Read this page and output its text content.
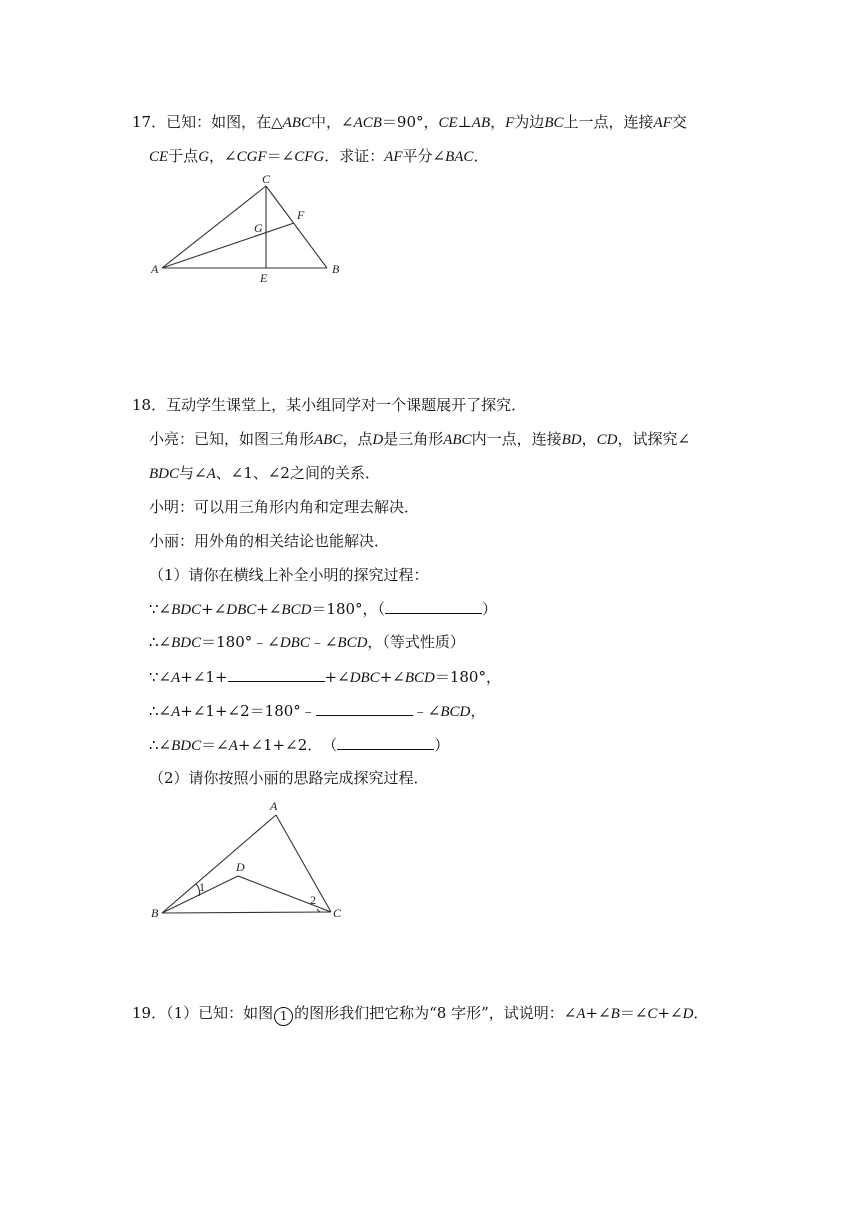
17．已知：如图，在△ABC中，∠ACB＝90°，CE⊥AB，F为边BC上一点，连接AF交
CE于点G，∠CGF＝∠CFG．求证：AF平分∠BAC．
C
G
F
A
E
B
18．互动学生课堂上，某小组同学对一个课题展开了探究．
小亮：已知，如图三角形ABC，点D是三角形ABC内一点，连接BD，CD，试探究∠
BDC与∠A、∠1、∠2之间的关系．
小明：可以用三角形内角和定理去解决．
小丽：用外角的相关结论也能解决．
（1）请你在横线上补全小明的探究过程：
∵∠BDC+∠DBC+∠BCD＝180°，（	）
∴∠BDC＝180°﹣∠DBC﹣∠BCD，（等式性质）
∵∠A+∠1+	+∠DBC+∠BCD＝180°，
∴∠A+∠1+∠2＝180°﹣	﹣∠BCD，
∴∠BDC＝∠A+∠1+∠2．　（	）
（2）请你按照小丽的思路完成探究过程．
A
D
B	C
1
2
19．（1）已知：如图 1 的图形我们把它称为“8 字形”，试说明：∠A+∠B＝∠C+∠D．
